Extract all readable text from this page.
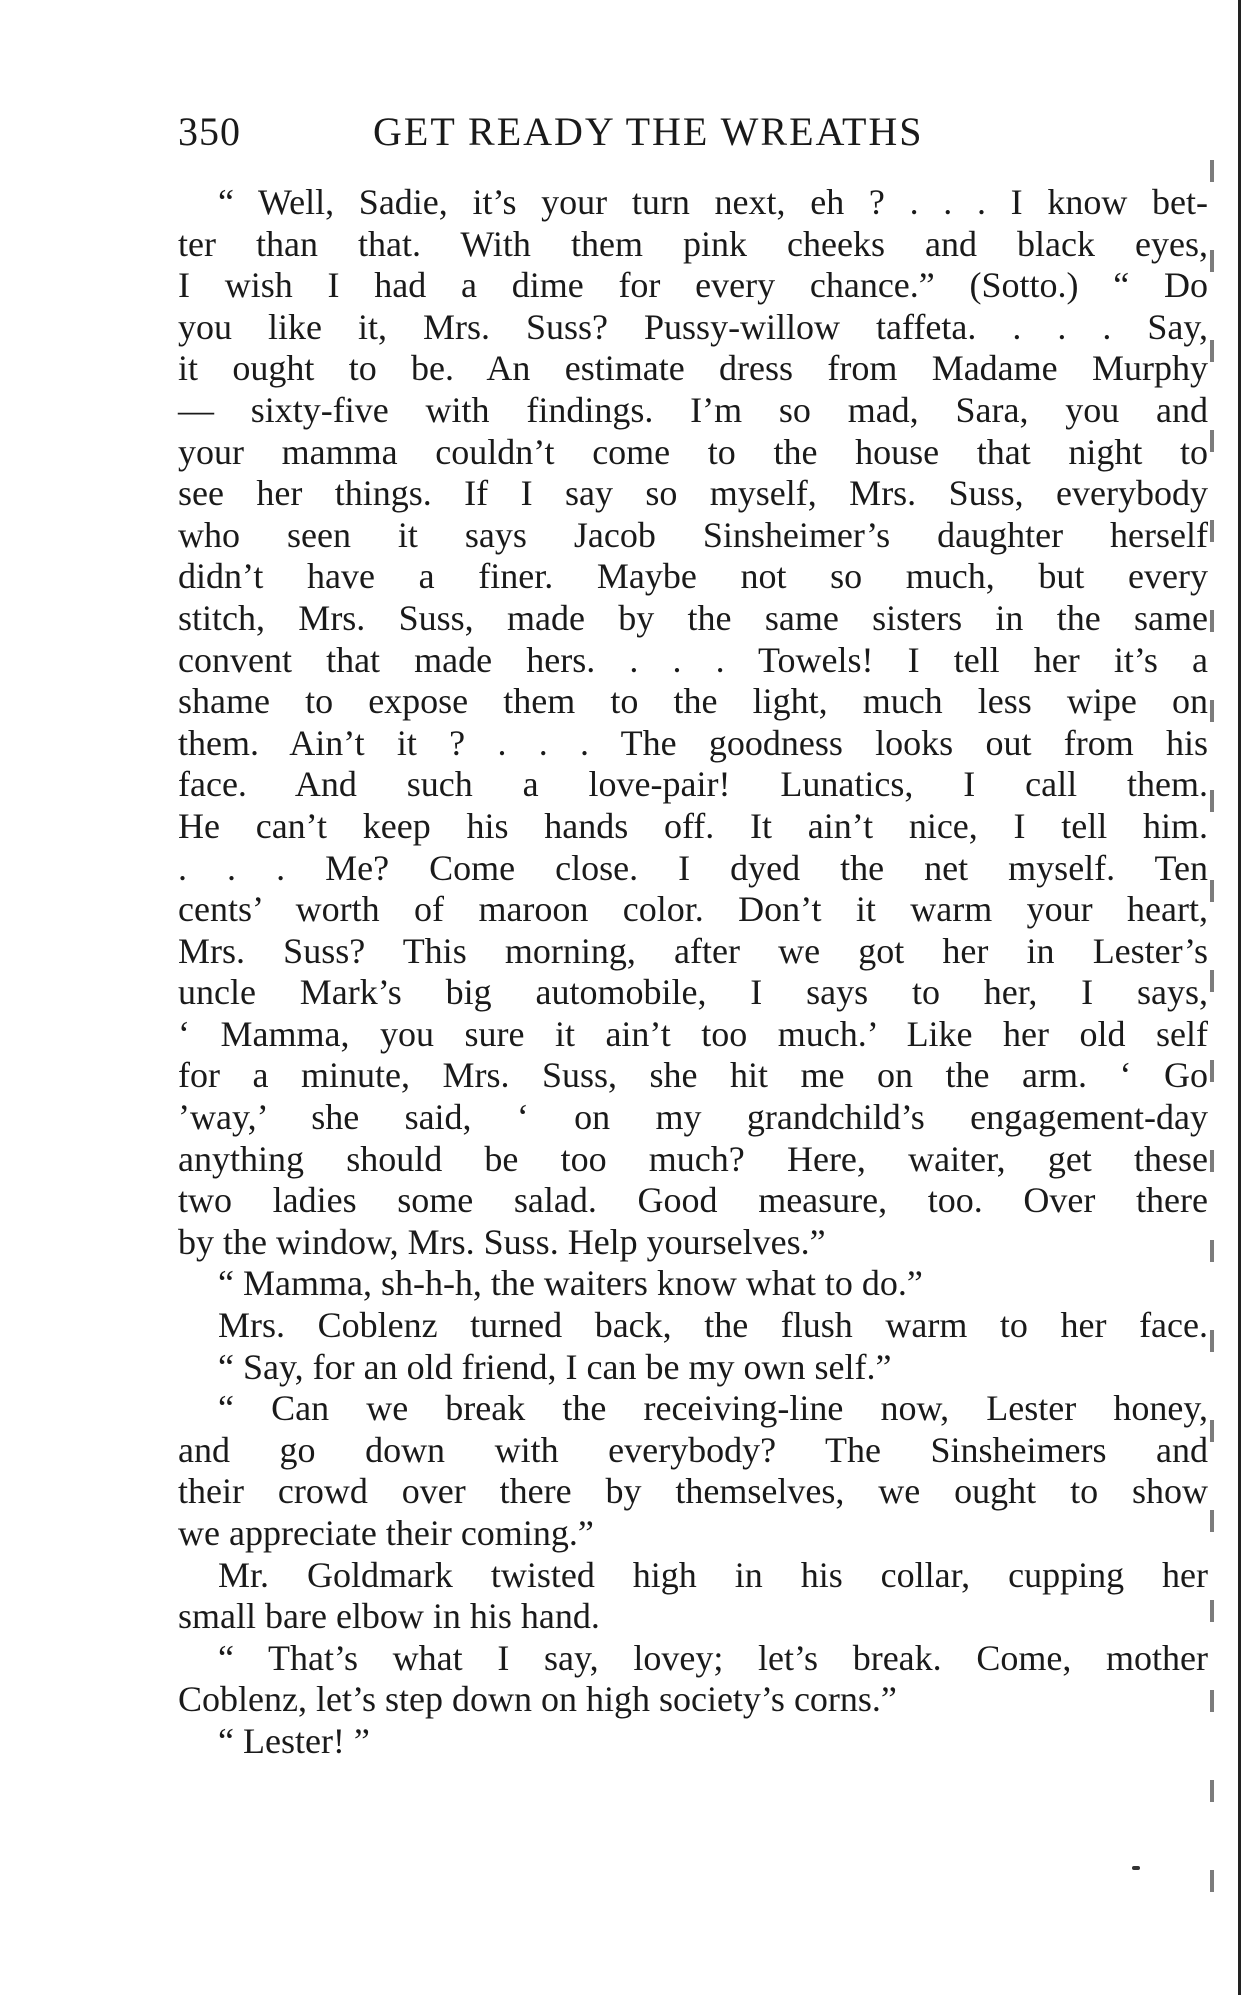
350	GET READY THE WREATHS
“ Well, Sadie, it’s your turn next, eh ? . . . I know bet-
ter than that. With them pink cheeks and black eyes,
I wish I had a dime for every chance.” (Sotto.) “ Do
you like it, Mrs. Suss? Pussy-willow taffeta. . . . Say,
it ought to be. An estimate dress from Madame Murphy
— sixty-five with findings. I’m so mad, Sara, you and
your mamma couldn’t come to the house that night to
see her things. If I say so myself, Mrs. Suss, everybody
who seen it says Jacob Sinsheimer’s daughter herself
didn’t have a finer. Maybe not so much, but every
stitch, Mrs. Suss, made by the same sisters in the same
convent that made hers. . . . Towels! I tell her it’s a
shame to expose them to the light, much less wipe on
them. Ain’t it ? . . . The goodness looks out from his
face. And such a love-pair! Lunatics, I call them.
He can’t keep his hands off. It ain’t nice, I tell him.
. . . Me? Come close. I dyed the net myself. Ten
cents’ worth of maroon color. Don’t it warm your heart,
Mrs. Suss? This morning, after we got her in Lester’s
uncle Mark’s big automobile, I says to her, I says,
‘ Mamma, you sure it ain’t too much.’ Like her old self
for a minute, Mrs. Suss, she hit me on the arm. ‘ Go
’way,’ she said, ‘ on my grandchild’s engagement-day
anything should be too much? Here, waiter, get these
two ladies some salad. Good measure, too. Over there
by the window, Mrs. Suss. Help yourselves.”
“ Mamma, sh-h-h, the waiters know what to do.”
Mrs. Coblenz turned back, the flush warm to her face.
“ Say, for an old friend, I can be my own self.”
“ Can we break the receiving-line now, Lester honey,
and go down with everybody? The Sinsheimers and
their crowd over there by themselves, we ought to show
we appreciate their coming.”
Mr. Goldmark twisted high in his collar, cupping her
small bare elbow in his hand.
“ That’s what I say, lovey; let’s break. Come, mother
Coblenz, let’s step down on high society’s corns.”
“ Lester! ”
